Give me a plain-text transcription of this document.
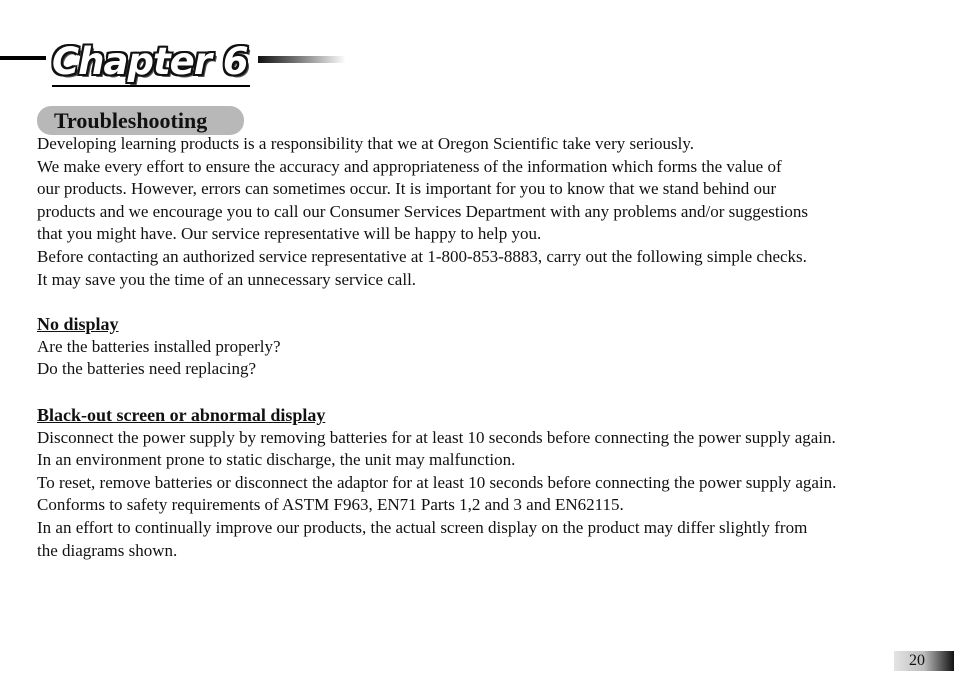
Chapter 6
Troubleshooting

Developing learning products is a responsibility that we at Oregon Scientific take very seriously.

We make every effort to ensure the accuracy and appropriateness of the information which forms the value of

our products. However, errors can sometimes occur. It is important for you to know that we stand behind our

products and we encourage you to call our Consumer Services Department with any problems and/or suggestions

that you might have. Our service representative will be happy to help you.

Before contacting an authorized service representative at 1-800-853-8883, carry out the following simple checks.

It may save you the time of an unnecessary service call.

No display

Are the batteries installed properly?

Do the batteries need replacing?

Black-out screen or abnormal display

Disconnect the power supply by removing batteries for at least 10 seconds before connecting the power supply again.

In an environment prone to static discharge, the unit may malfunction.

To reset, remove batteries or disconnect the adaptor for at least 10 seconds before connecting the power supply again.

Conforms to safety requirements of ASTM F963, EN71 Parts 1,2 and 3 and EN62115.

In an effort to continually improve our products, the actual screen display on the product may differ slightly from

the diagrams shown.

20
